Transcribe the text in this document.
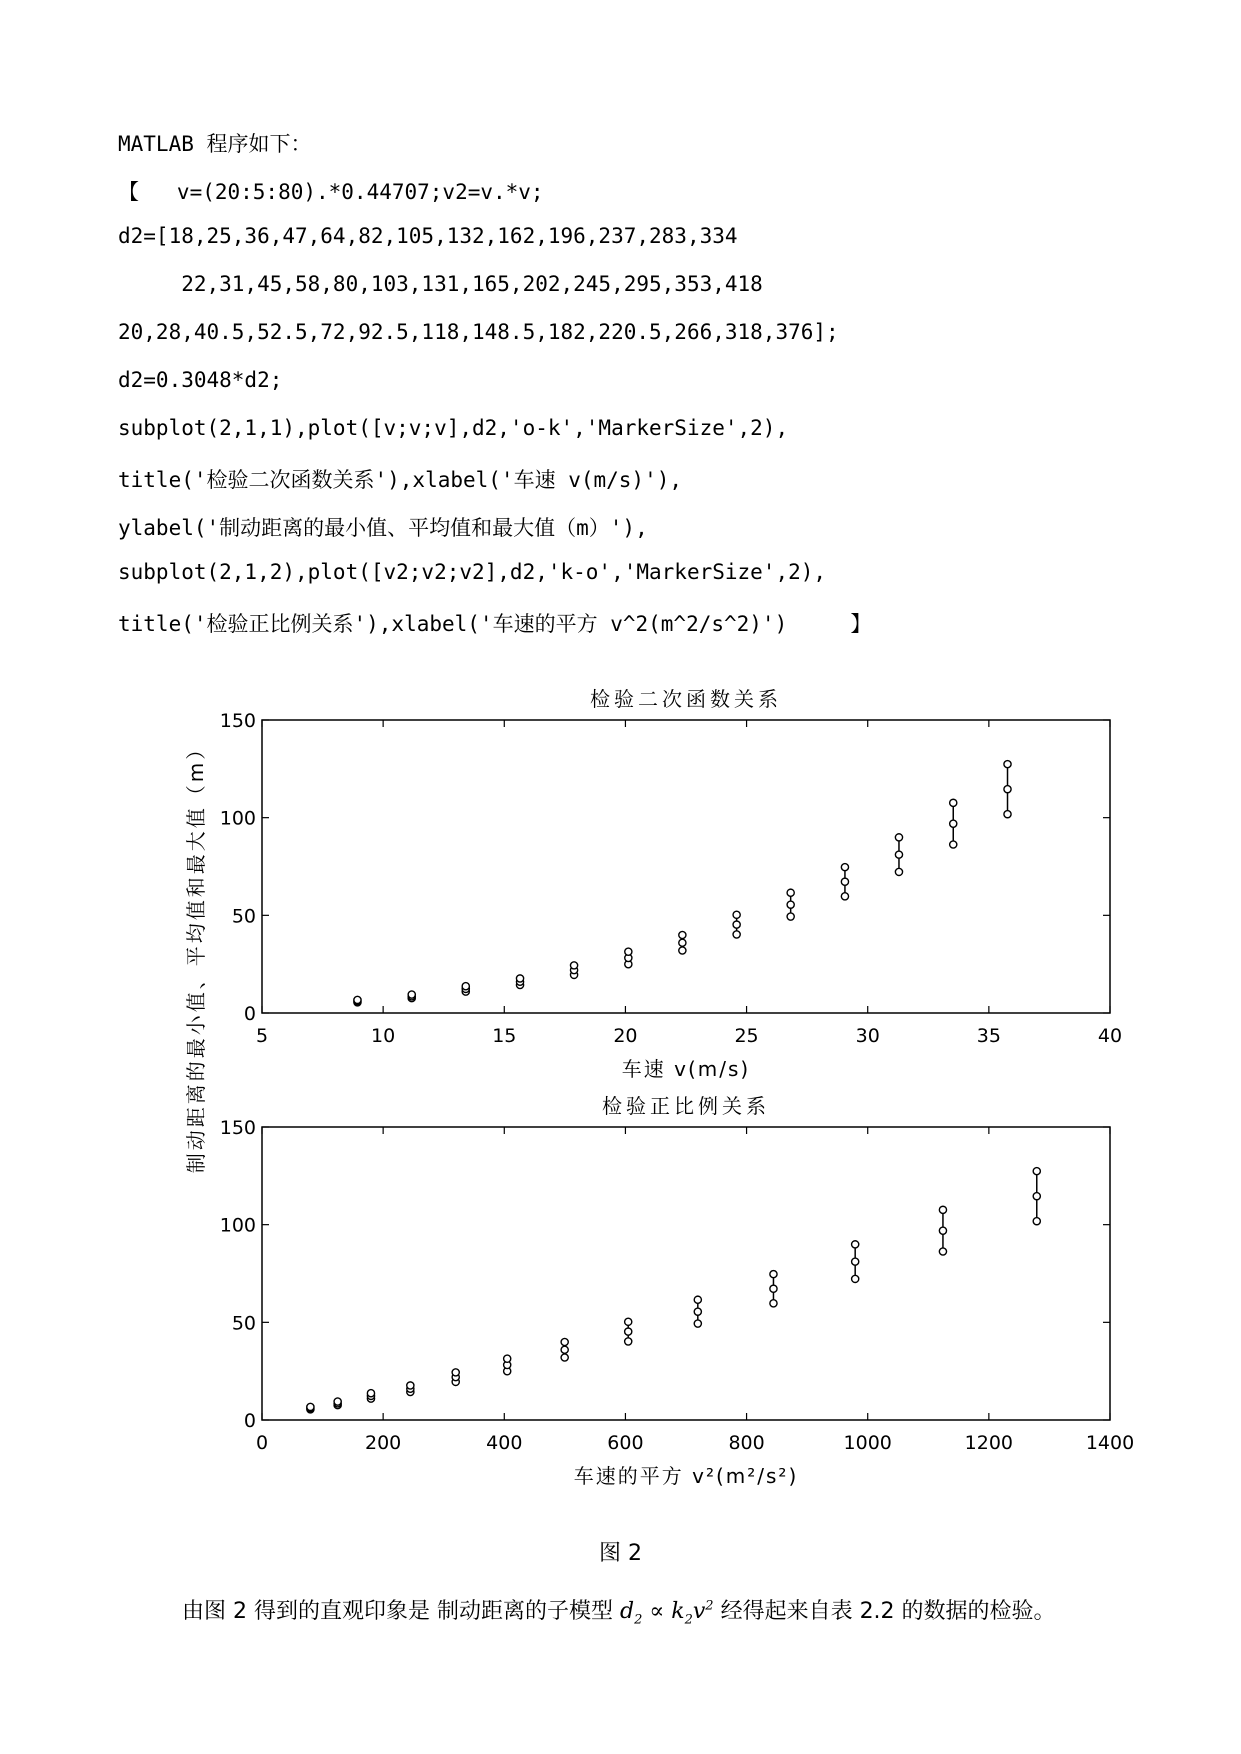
MATLAB 程序如下：
【   v=(20:5:80).*0.44707;v2=v.*v;
d2=[18,25,36,47,64,82,105,132,162,196,237,283,334
22,31,45,58,80,103,131,165,202,245,295,353,418
20,28,40.5,52.5,72,92.5,118,148.5,182,220.5,266,318,376];
d2=0.3048*d2;
subplot(2,1,1),plot([v;v;v],d2,'o-k','MarkerSize',2),
title('检验二次函数关系'),xlabel('车速 v(m/s)'),
ylabel('制动距离的最小值、平均值和最大值（m）'),
subplot(2,1,2),plot([v2;v2;v2],d2,'k-o','MarkerSize',2),
title('检验正比例关系'),xlabel('车速的平方 v^2(m^2/s^2)')     】
5	10	15	20	25	30	35	40
0
50
100
150
检验二次函数关系
车速 v(m/s)
0	200	400	600	800	1000	1200	1400
0
50
100
150
检验正比例关系
车速的平方 v²(m²/s²)
制动距离的最小值、平均值和最大值（m）
图 2
由图 2 得到的直观印象是 制动距离的子模型 $d_2 \propto k_2v^2$ 经得起来自表 2.2 的数据的检验。
